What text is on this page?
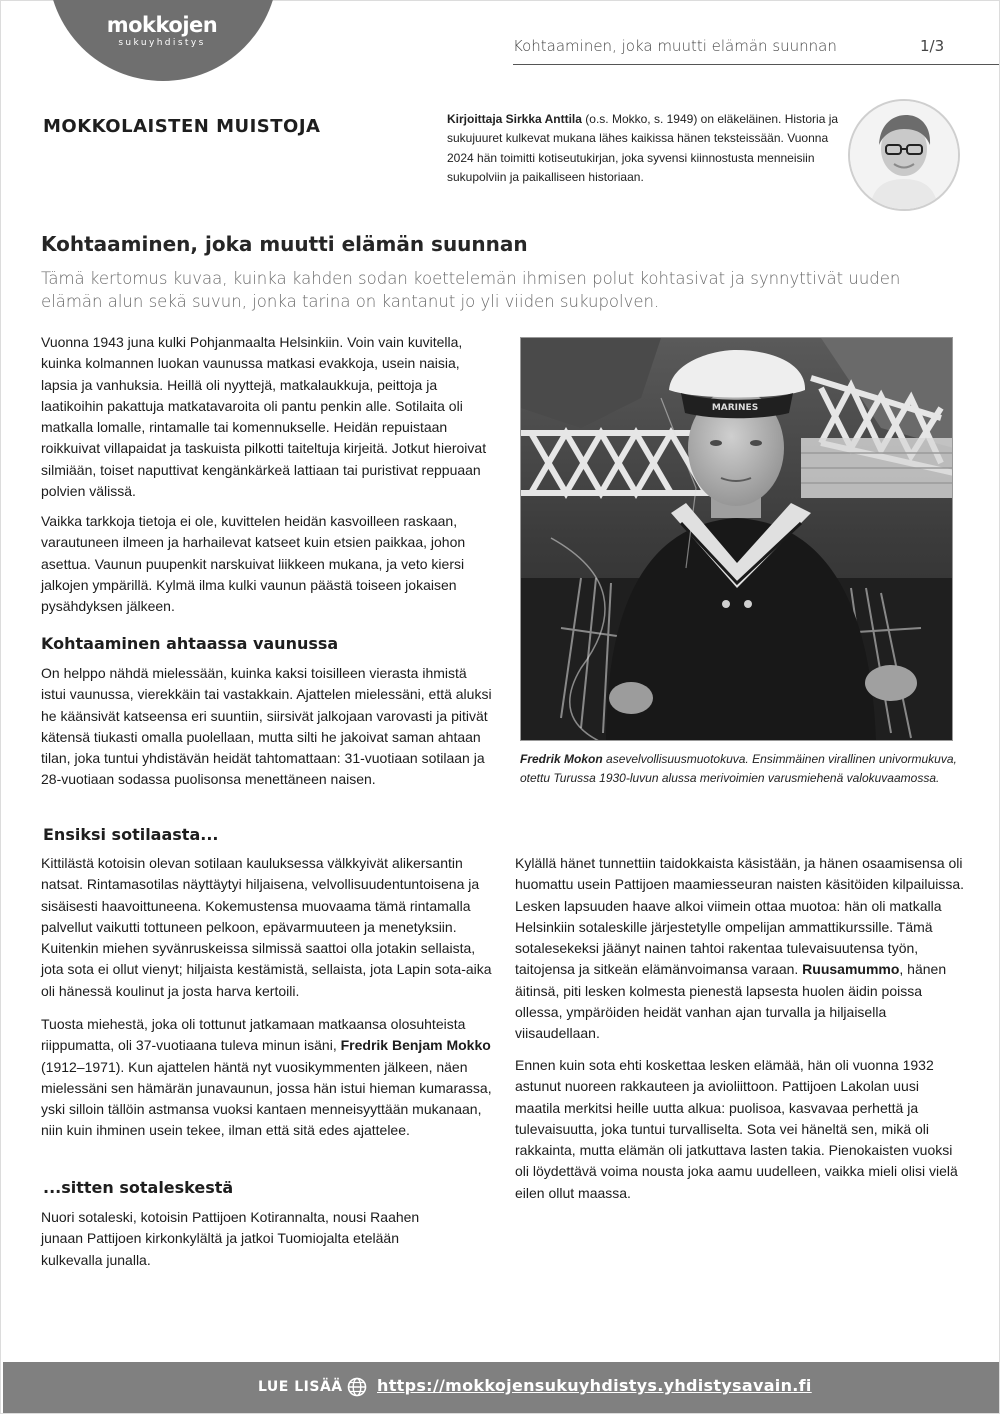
mokkojen
sukuyhdistys	Kohtaaminen, joka muutti elämän suunnan	1/3
MOKKOLAISTEN MUISTOJA	Kirjoittaja Sirkka Anttila (o.s. Mokko, s. 1949) on eläkeläinen. Historia ja sukujuuret kulkevat mukana lähes kaikissa hänen teksteissään. Vuonna 2024 hän toimitti kotiseutukirjan, joka syvensi kiinnostusta menneisiin sukupolviin ja paikalliseen historiaan.
Kohtaaminen, joka muutti elämän suunnan
Tämä kertomus kuvaa, kuinka kahden sodan koettelemän ihmisen polut kohtasivat ja synnyttivät uuden elämän alun sekä suvun, jonka tarina on kantanut jo yli viiden sukupolven.
Vuonna 1943 juna kulki Pohjanmaalta Helsinkiin. Voin vain kuvitella, kuinka kolmannen luokan vaunussa matkasi evakkoja, usein naisia, lapsia ja vanhuksia. Heillä oli nyyttejä, matkalaukkuja, peittoja ja laatikoihin pakattuja matkatavaroita oli pantu penkin alle. Sotilaita oli matkalla lomalle, rintamalle tai komennukselle. Heidän repuistaan roikkuivat villapaidat ja taskuista pilkotti taiteltuja kirjeitä. Jotkut hieroivat silmiään, toiset naputtivat kengänkärkeä lattiaan tai puristivat reppuaan polvien välissä.
Vaikka tarkkoja tietoja ei ole, kuvittelen heidän kasvoilleen raskaan, varautuneen ilmeen ja harhailevat katseet kuin etsien paikkaa, johon asettua. Vaunun puupenkit narskuivat liikkeen mukana, ja veto kiersi jalkojen ympärillä. Kylmä ilma kulki vaunun päästä toiseen jokaisen pysähdyksen jälkeen.
Kohtaaminen ahtaassa vaunussa
On helppo nähdä mielessään, kuinka kaksi toisilleen vierasta ihmistä istui vaunussa, vierekkäin tai vastakkain. Ajattelen mielessäni, että aluksi he käänsivät katseensa eri suuntiin, siirsivät jalkojaan varovasti ja pitivät kätensä tiukasti omalla puolellaan, mutta silti he jakoivat saman ahtaan tilan, joka tuntui yhdistävän heidät tahtomattaan: 31-vuotiaan sotilaan ja 28-vuotiaan sodassa puolisonsa menettäneen naisen.
Ensiksi sotilaasta...
Kittilästä kotoisin olevan sotilaan kauluksessa välkkyivät alikersantin natsat. Rintamasotilas näyttäytyi hiljaisena, velvollisuudentuntoisena ja sisäisesti haavoittuneena. Kokemustensa muovaama tämä rintamalla palvellut vaikutti tottuneen pelkoon, epävarmuuteen ja menetyksiin. Kuitenkin miehen syvänruskeissa silmissä saattoi olla jotakin sellaista, jota sota ei ollut vienyt; hiljaista kestämistä, sellaista, jota Lapin sota-aika oli hänessä koulinut ja josta harva kertoili.
Tuosta miehestä, joka oli tottunut jatkamaan matkaansa olosuhteista riippumatta, oli 37-vuotiaana tuleva minun isäni, Fredrik Benjam Mokko (1912–1971). Kun ajattelen häntä nyt vuosikymmenten jälkeen, näen mielessäni sen hämärän junavaunun, jossa hän istui hieman kumarassa, yski silloin tällöin astmansa vuoksi kantaen menneisyyttään mukanaan, niin kuin ihminen usein tekee, ilman että sitä edes ajattelee.
...sitten sotaleskestä
Nuori sotaleski, kotoisin Pattijoen Kotirannalta, nousi Raahen junaan Pattijoen kirkonkylältä ja jatkoi Tuomiojalta etelään kulkevalla junalla.
MARINES
Fredrik Mokon asevelvollisuusmuotokuva. Ensimmäinen virallinen univormukuva, otettu Turussa 1930-luvun alussa merivoimien varusmiehenä valokuvaamossa.
Kylällä hänet tunnettiin taidokkaista käsistään, ja hänen osaamisensa oli huomattu usein Pattijoen maamiesseuran naisten käsitöiden kilpailuissa. Lesken lapsuuden haave alkoi viimein ottaa muotoa: hän oli matkalla Helsinkiin sotaleskille järjestetylle ompelijan ammattikurssille. Tämä sotalesekeksi jäänyt nainen tahtoi rakentaa tulevaisuutensa työn, taitojensa ja sitkeän elämänvoimansa varaan. Ruusamummo, hänen äitinsä, piti lesken kolmesta pienestä lapsesta huolen äidin poissa ollessa, ympäröiden heidät vanhan ajan turvalla ja hiljaisella viisaudellaan.
Ennen kuin sota ehti koskettaa lesken elämää, hän oli vuonna 1932 astunut nuoreen rakkauteen ja avioliittoon. Pattijoen Lakolan uusi maatila merkitsi heille uutta alkua: puolisoa, kasvavaa perhettä ja tulevaisuutta, joka tuntui turvalliselta. Sota vei häneltä sen, mikä oli rakkainta, mutta elämän oli jatkuttava lasten takia. Pienokaisten vuoksi oli löydettävä voima nousta joka aamu uudelleen, vaikka mieli olisi vielä eilen ollut maassa.
LUE LISÄÄ https://mokkojensukuyhdistys.yhdistysavain.fi
